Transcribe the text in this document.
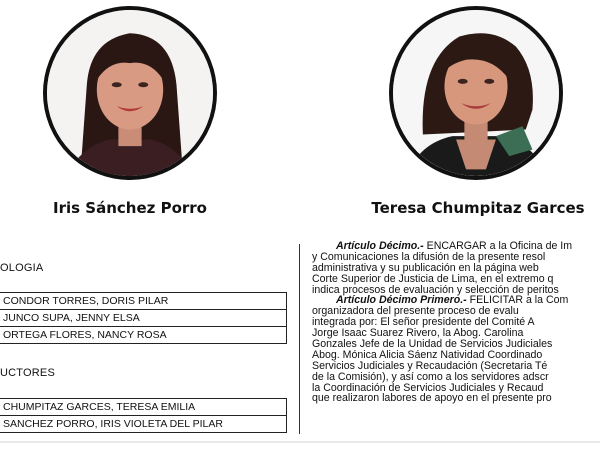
Iris Sánchez Porro	Teresa Chumpitaz Garces
OLOGIA
CONDOR TORRES, DORIS PILAR
JUNCO SUPA, JENNY ELSA
ORTEGA FLORES, NANCY ROSA
UCTORES
CHUMPITAZ GARCES, TERESA EMILIA
SANCHEZ PORRO, IRIS VIOLETA DEL PILAR
Artículo Décimo.- ENCARGAR a la Oficina de Im
y Comunicaciones la difusión de la presente resol
administrativa y su publicación en la página web
Corte Superior de Justicia de Lima, en el extremo q
indica procesos de evaluación y selección de peritos
Artículo Décimo Primero.- FELICITAR a la Com
organizadora del presente proceso de evalu
integrada por: El señor presidente del Comité A
Jorge Isaac Suarez Rivero, la Abog. Carolina
Gonzales Jefe de la Unidad de Servicios Judiciales
Abog. Mónica Alicia Sáenz Natividad Coordinado
Servicios Judiciales y Recaudación (Secretaria Té
de la Comisión), y así como a los servidores adscr
la Coordinación de Servicios Judiciales y Recaud
que realizaron labores de apoyo en el presente pro
